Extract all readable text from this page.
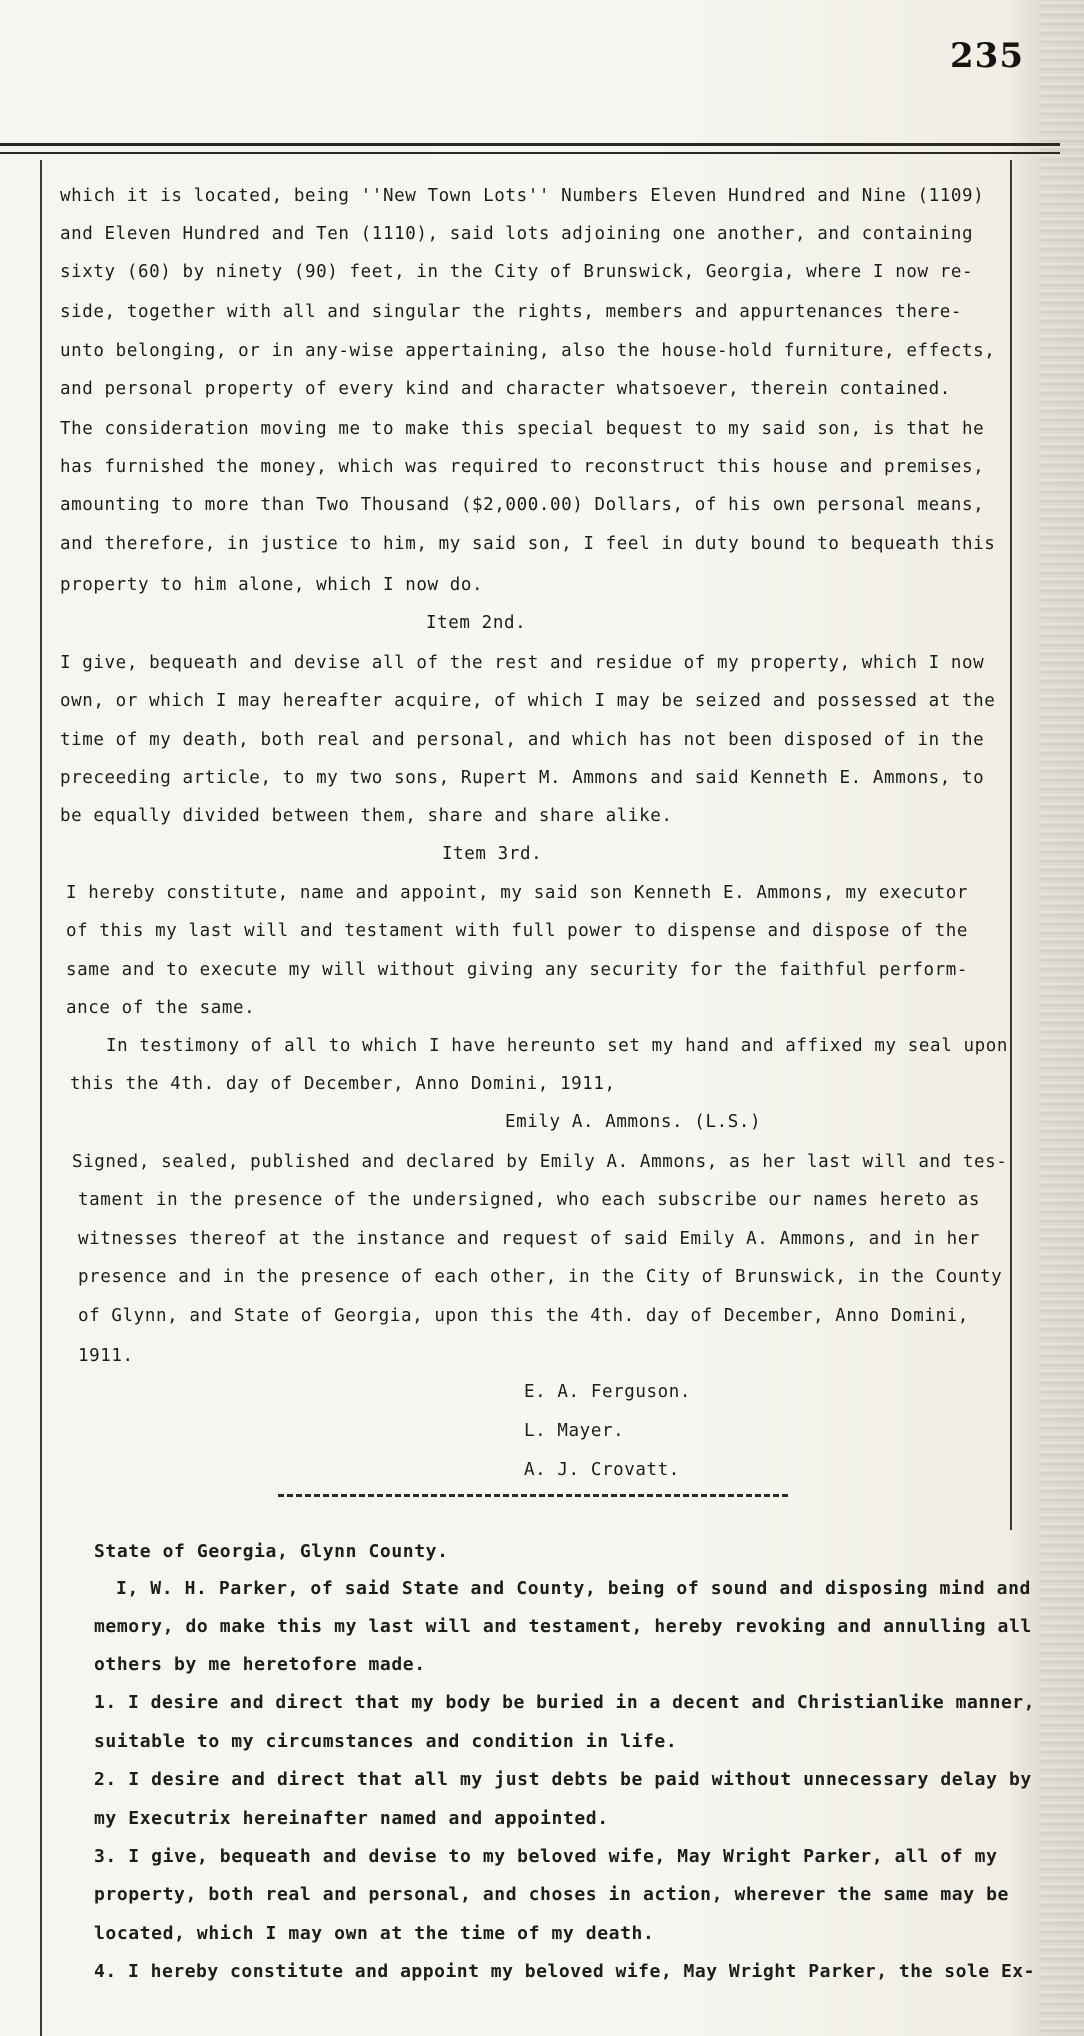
235
which it is located, being ''New Town Lots'' Numbers Eleven Hundred and Nine (1109)
and Eleven Hundred and Ten (1110), said lots adjoining one another, and containing
sixty (60) by ninety (90) feet, in the City of Brunswick, Georgia, where I now re-
side, together with all and singular the rights, members and appurtenances there-
unto belonging, or in any-wise appertaining, also the house-hold furniture, effects,
and personal property of every kind and character whatsoever, therein contained.
The consideration moving me to make this special bequest to my said son, is that he
has furnished the money, which was required to reconstruct this house and premises,
amounting to more than Two Thousand ($2,000.00) Dollars, of his own personal means,
and therefore, in justice to him, my said son, I feel in duty bound to bequeath this
property to him alone, which I now do.
Item 2nd.
I give, bequeath and devise all of the rest and residue of my property, which I now
own, or which I may hereafter acquire, of which I may be seized and possessed at the
time of my death, both real and personal, and which has not been disposed of in the
preceeding article, to my two sons, Rupert M. Ammons and said Kenneth E. Ammons, to
be equally divided between them, share and share alike.
Item 3rd.
I hereby constitute, name and appoint, my said son Kenneth E. Ammons, my executor
of this my last will and testament with full power to dispense and dispose of the
same and to execute my will without giving any security for the faithful perform-
ance of the same.
In testimony of all to which I have hereunto set my hand and affixed my seal upon
this the 4th. day of December, Anno Domini, 1911,
Emily A. Ammons. (L.S.)
Signed, sealed, published and declared by Emily A. Ammons, as her last will and tes-
tament in the presence of the undersigned, who each subscribe our names hereto as
witnesses thereof at the instance and request of said Emily A. Ammons, and in her
presence and in the presence of each other, in the City of Brunswick, in the County
of Glynn, and State of Georgia, upon this the 4th. day of December, Anno Domini,
1911.
E. A. Ferguson.
L. Mayer.
A. J. Crovatt.
State of Georgia, Glynn County.
I, W. H. Parker, of said State and County, being of sound and disposing mind and
memory, do make this my last will and testament, hereby revoking and annulling all
others by me heretofore made.
1. I desire and direct that my body be buried in a decent and Christianlike manner,
suitable to my circumstances and condition in life.
2. I desire and direct that all my just debts be paid without unnecessary delay by
my Executrix hereinafter named and appointed.
3. I give, bequeath and devise to my beloved wife, May Wright Parker, all of my
property, both real and personal, and choses in action, wherever the same may be
located, which I may own at the time of my death.
4. I hereby constitute and appoint my beloved wife, May Wright Parker, the sole Ex-
